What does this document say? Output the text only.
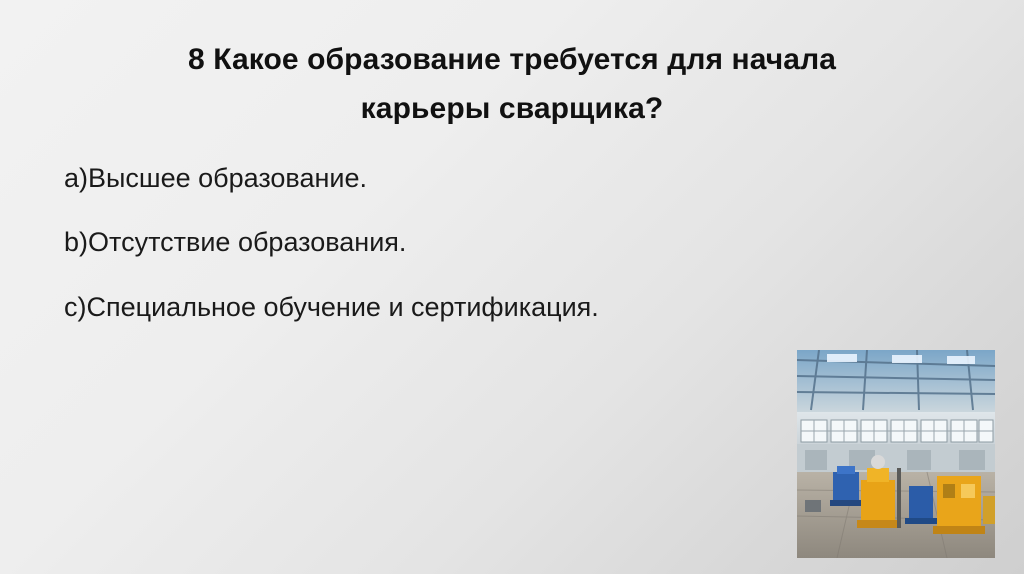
8 Какое образование требуется для начала
карьеры сварщика?
a)Высшее образование.
b)Отсутствие образования.
c)Специальное обучение и сертификация.
